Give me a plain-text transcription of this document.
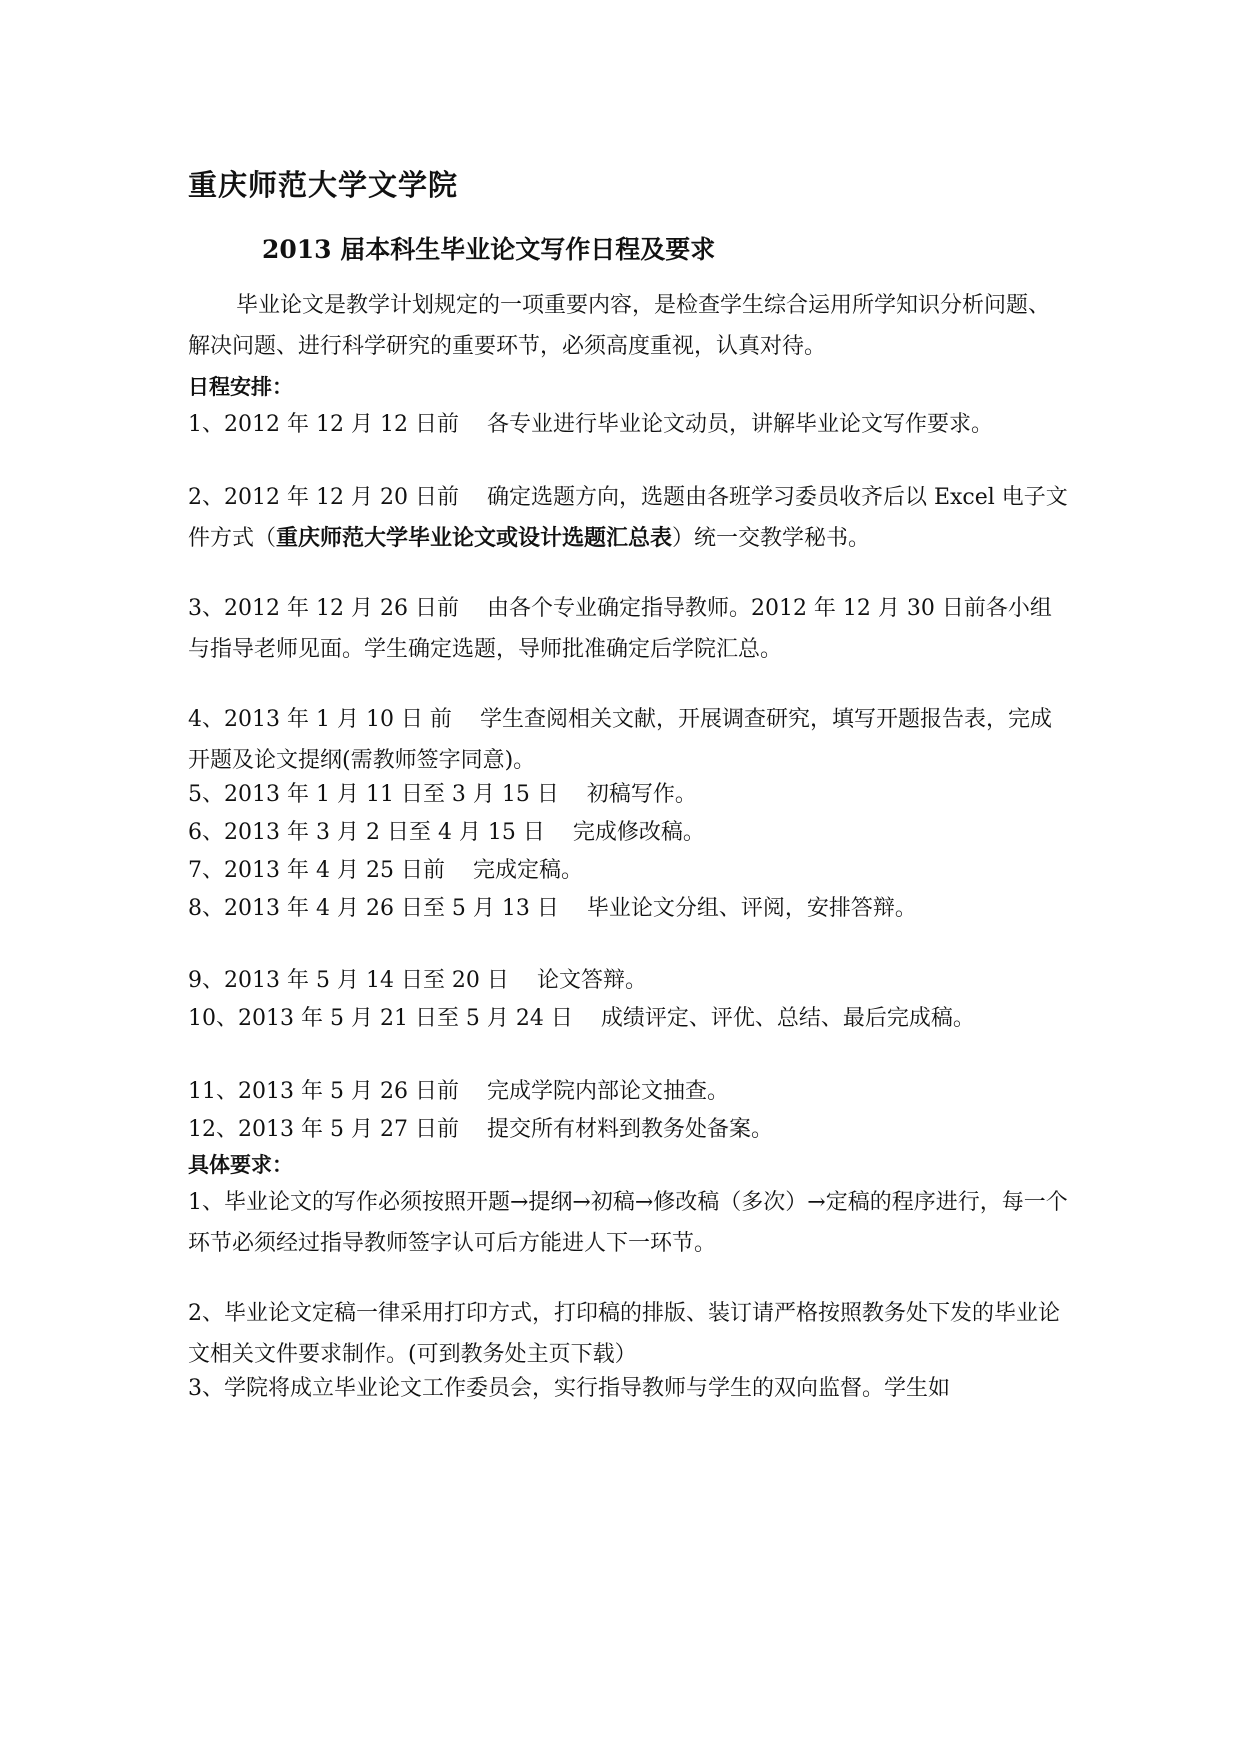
重庆师范大学文学院
2013 届本科生毕业论文写作日程及要求
毕业论文是教学计划规定的一项重要内容，是检查学生综合运用所学知识分析问题、解决问题、进行科学研究的重要环节，必须高度重视，认真对待。
日程安排：
1、2012 年 12 月 12 日前 各专业进行毕业论文动员，讲解毕业论文写作要求。
2、2012 年 12 月 20 日前 确定选题方向，选题由各班学习委员收齐后以 Excel 电子文件方式（重庆师范大学毕业论文或设计选题汇总表）统一交教学秘书。
3、2012 年 12 月 26 日前 由各个专业确定指导教师。2012 年 12 月 30 日前各小组与指导老师见面。学生确定选题，导师批准确定后学院汇总。
4、2013 年 1 月 10 日 前 学生查阅相关文献，开展调查研究，填写开题报告表，完成开题及论文提纲(需教师签字同意)。
5、2013 年 1 月 11 日至 3 月 15 日 初稿写作。
6、2013 年 3 月 2 日至 4 月 15 日 完成修改稿。
7、2013 年 4 月 25 日前 完成定稿。
8、2013 年 4 月 26 日至 5 月 13 日 毕业论文分组、评阅，安排答辩。
9、2013 年 5 月 14 日至 20 日 论文答辩。
10、2013 年 5 月 21 日至 5 月 24 日 成绩评定、评优、总结、最后完成稿。
11、2013 年 5 月 26 日前 完成学院内部论文抽查。
12、2013 年 5 月 27 日前 提交所有材料到教务处备案。
具体要求：
1、毕业论文的写作必须按照开题→提纲→初稿→修改稿（多次）→定稿的程序进行，每一个环节必须经过指导教师签字认可后方能进人下一环节。
2、毕业论文定稿一律采用打印方式，打印稿的排版、装订请严格按照教务处下发的毕业论文相关文件要求制作。(可到教务处主页下载）
3、学院将成立毕业论文工作委员会，实行指导教师与学生的双向监督。学生如
